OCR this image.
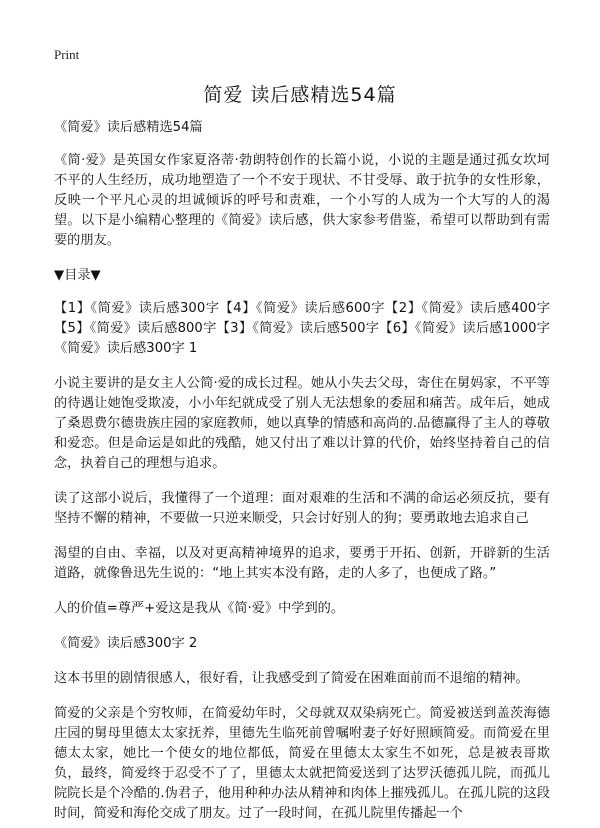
Print
简爱 读后感精选54篇

《简爱》读后感精选54篇

《简·爱》是英国女作家夏洛蒂·勃朗特创作的长篇小说，小说的主题是通过孤女坎坷不平的人生经历，成功地塑造了一个不安于现状、不甘受辱、敢于抗争的女性形象，反映一个平凡心灵的坦诚倾诉的呼号和责难，一个小写的人成为一个大写的人的渴望。以下是小编精心整理的《简爱》读后感，供大家参考借鉴，希望可以帮助到有需要的朋友。

▼目录▼

【1】《简爱》读后感300字【4】《简爱》读后感600字【2】《简爱》读后感400字【5】《简爱》读后感800字【3】《简爱》读后感500字【6】《简爱》读后感1000字《简爱》读后感300字 1

小说主要讲的是女主人公简·爱的成长过程。她从小失去父母，寄住在舅妈家，不平等的待遇让她饱受欺凌，小小年纪就成受了别人无法想象的委屈和痛苦。成年后，她成了桑恩费尔德贵族庄园的家庭教师，她以真挚的情感和高尚的.品德赢得了主人的尊敬和爱恋。但是命运是如此的残酷，她又付出了难以计算的代价，始终坚持着自己的信念，执着自己的理想与追求。

读了这部小说后，我懂得了一个道理：面对艰难的生活和不满的命运必须反抗，要有坚持不懈的精神，不要做一只逆来顺受，只会讨好别人的狗；要勇敢地去追求自己

渴望的自由、幸福，以及对更高精神境界的追求，要勇于开拓、创新，开辟新的生活道路，就像鲁迅先生说的：“地上其实本没有路，走的人多了，也便成了路。”

人的价值=尊严+爱这是我从《简·爱》中学到的。

《简爱》读后感300字 2

这本书里的剧情很感人，很好看，让我感受到了简爱在困难面前而不退缩的精神。

简爱的父亲是个穷牧师，在简爱幼年时，父母就双双染病死亡。简爱被送到盖茨海德庄园的舅母里德太太家抚养，里德先生临死前曾嘱咐妻子好好照顾简爱。而简爱在里德太太家，她比一个使女的地位都低，简爱在里德太太家生不如死，总是被表哥欺负，最终，简爱终于忍受不了了，里德太太就把简爱送到了达罗沃德孤儿院，而孤儿院院长是个冷酷的.伪君子，他用种种办法从精神和肉体上摧残孤儿。在孤儿院的这段时间，简爱和海伦交成了朋友。过了一段时间，在孤儿院里传播起一个
